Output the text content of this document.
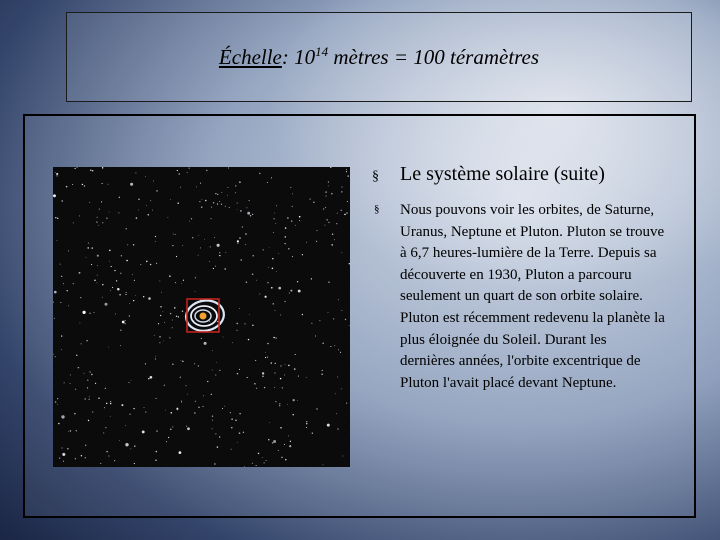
Échelle: $10^{14}$ mètres = 100 téramètres
§	Le système solaire (suite)
§	Nous pouvons voir les orbites, de Saturne, Uranus, Neptune et Pluton. Pluton se trouve à 6,7 heures-lumière de la Terre. Depuis sa découverte en 1930, Pluton a parcouru seulement un quart de son orbite solaire. Pluton est récemment redevenu la planète la plus éloignée du Soleil. Durant les dernières années, l'orbite excentrique de Pluton l'avait placé devant Neptune.
